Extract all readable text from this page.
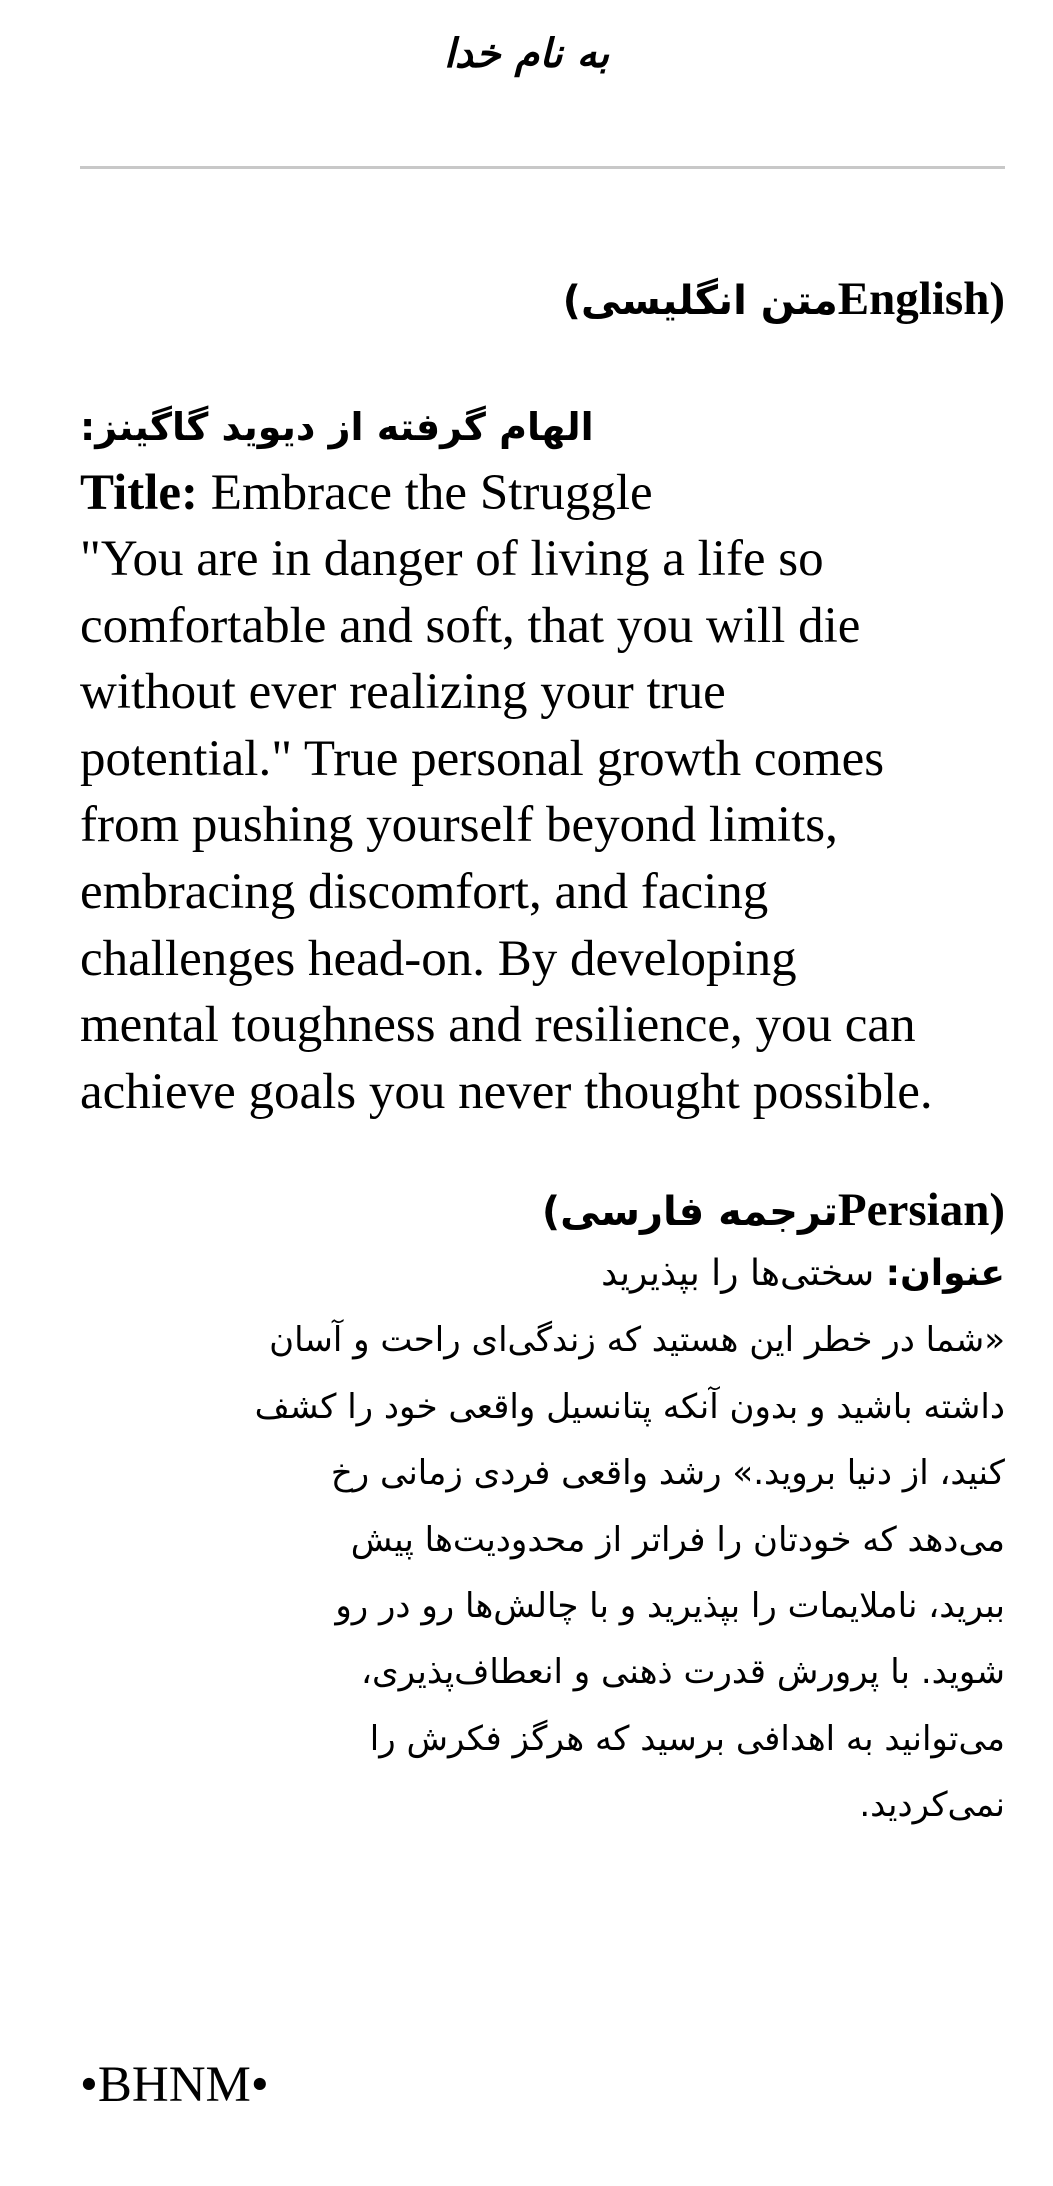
به نام خدا
(Englishمتن انگلیسی)
الهام گرفته از دیوید گاگینز:
Title: Embrace the Struggle
"You are in danger of living a life so
comfortable and soft, that you will die
without ever realizing your true
potential." True personal growth comes
from pushing yourself beyond limits,
embracing discomfort, and facing
challenges head-on. By developing
mental toughness and resilience, you can
achieve goals you never thought possible.
(Persianترجمه فارسی)
عنوان: سختی‌ها را بپذیرید
«شما در خطر این هستید که زندگی‌ای راحت و آسان
داشته باشید و بدون آنکه پتانسیل واقعی خود را کشف
کنید، از دنیا بروید.» رشد واقعی فردی زمانی رخ
می‌دهد که خودتان را فراتر از محدودیت‌ها پیش
ببرید، ناملایمات را بپذیرید و با چالش‌ها رو در رو
شوید. با پرورش قدرت ذهنی و انعطاف‌پذیری،
می‌توانید به اهدافی برسید که هرگز فکرش را
نمی‌کردید.
•BHNM•
